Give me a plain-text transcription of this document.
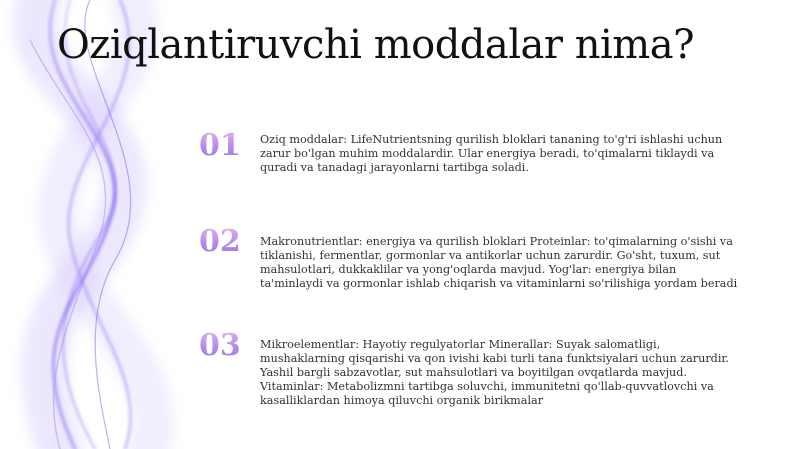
Oziqlantiruvchi moddalar nima?
01	Oziq moddalar: LifeNutrientsning qurilish bloklari tananing to'g'ri ishlashi uchun zarur bo'lgan muhim moddalardir. Ular energiya beradi, to'qimalarni tiklaydi va quradi va tanadagi jarayonlarni tartibga soladi.
02	Makronutrientlar: energiya va qurilish bloklari Proteinlar: to'qimalarning o'sishi va tiklanishi, fermentlar, gormonlar va antikorlar uchun zarurdir. Go'sht, tuxum, sut mahsulotlari, dukkaklilar va yong'oqlarda mavjud. Yog'lar: energiya bilan ta'minlaydi va gormonlar ishlab chiqarish va vitaminlarni so'rilishiga yordam beradi
03	Mikroelementlar: Hayotiy regulyatorlar Minerallar: Suyak salomatligi, mushaklarning qisqarishi va qon ivishi kabi turli tana funktsiyalari uchun zarurdir. Yashil bargli sabzavotlar, sut mahsulotlari va boyitilgan ovqatlarda mavjud. Vitaminlar: Metabolizmni tartibga soluvchi, immunitetni qo'llab-quvvatlovchi va kasalliklardan himoya qiluvchi organik birikmalar
